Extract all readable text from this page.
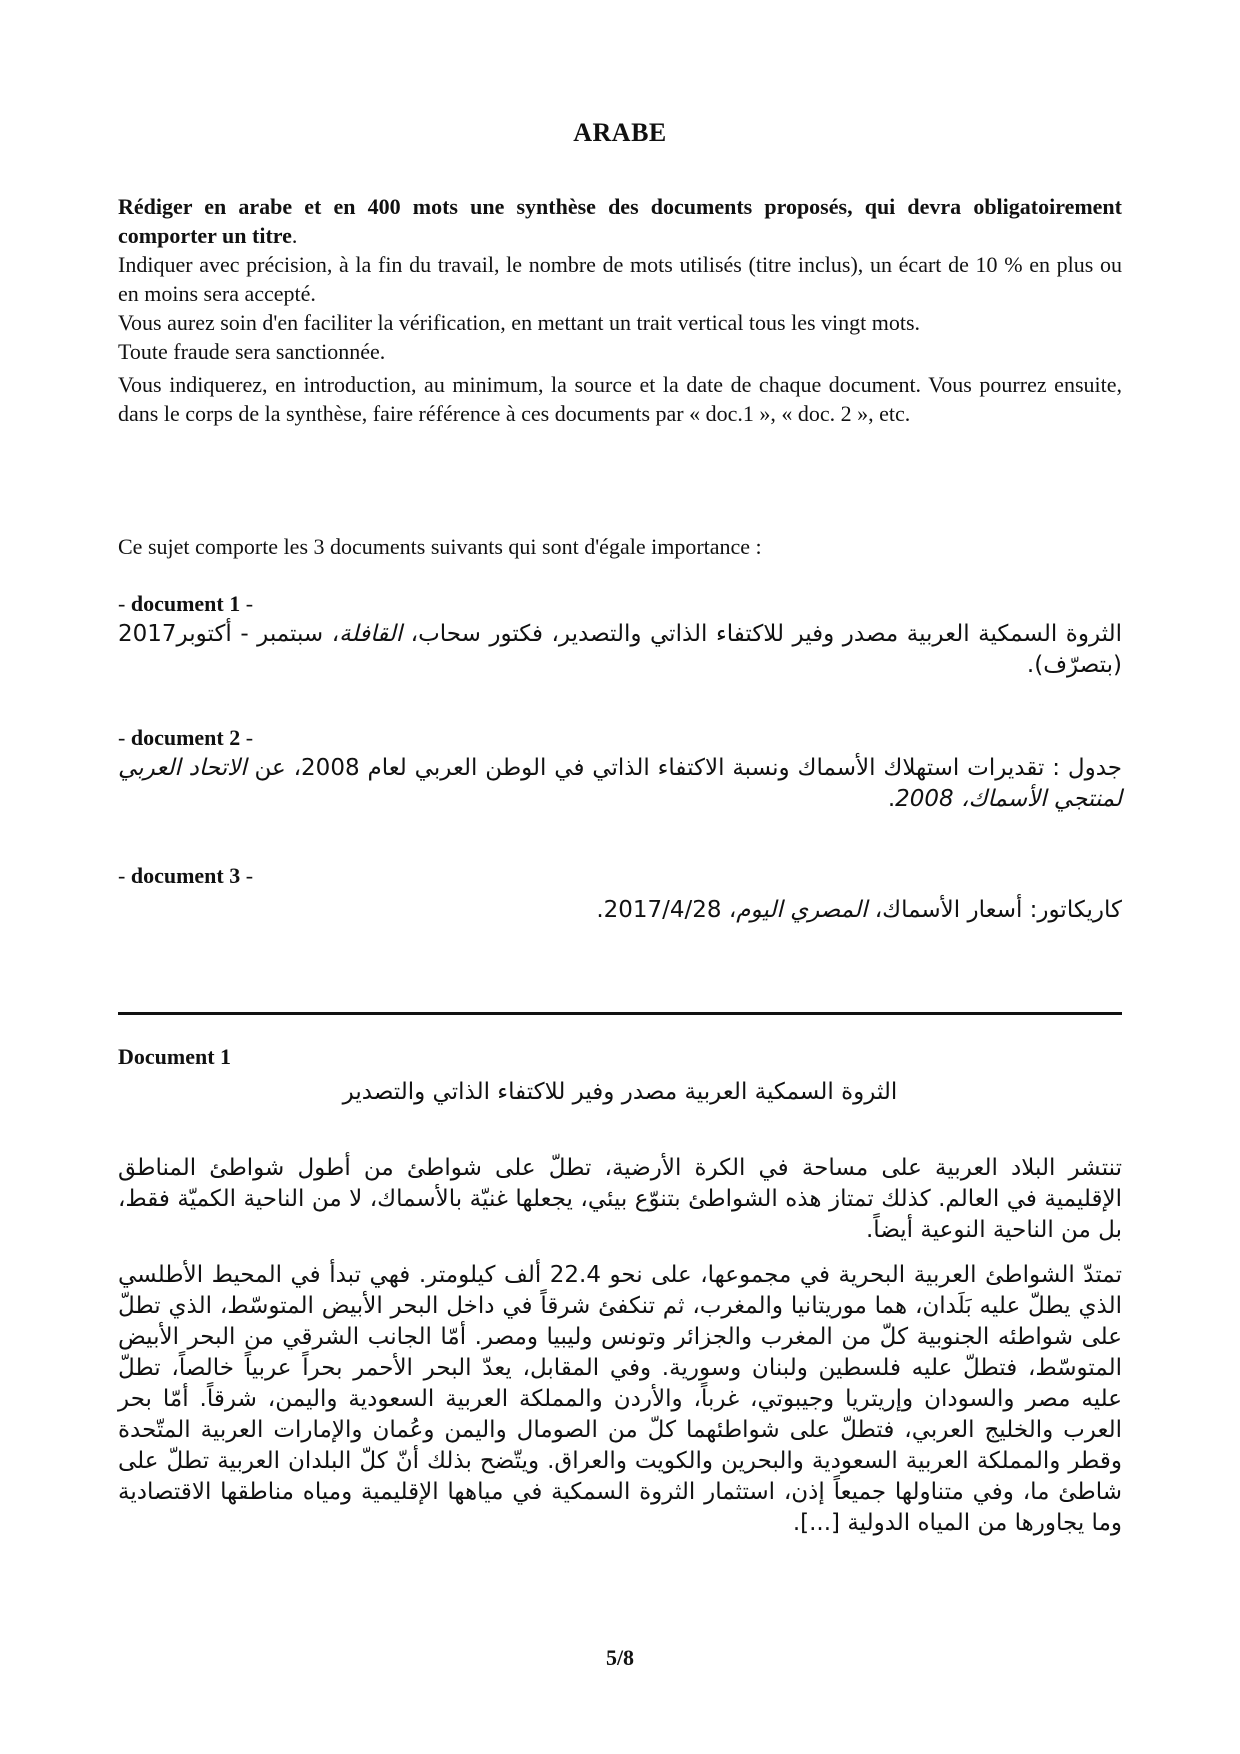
ARABE

Rédiger en arabe et en 400 mots une synthèse des documents proposés, qui devra obligatoirement comporter un titre.

Indiquer avec précision, à la fin du travail, le nombre de mots utilisés (titre inclus), un écart de 10 % en plus ou en moins sera accepté.

Vous aurez soin d'en faciliter la vérification, en mettant un trait vertical tous les vingt mots.

Toute fraude sera sanctionnée.

Vous indiquerez, en introduction, au minimum, la source et la date de chaque document. Vous pourrez ensuite, dans le corps de la synthèse, faire référence à ces documents par « doc.1 », « doc. 2 », etc.
Ce sujet comporte les 3 documents suivants qui sont d'égale importance :
- document 1 -
الثروة السمكية العربية مصدر وفير للاكتفاء الذاتي والتصدير، فكتور سحاب، القافلة، سبتمبر - أكتوبر2017 (بتصرّف).
- document 2 -
جدول : تقديرات استهلاك الأسماك ونسبة الاكتفاء الذاتي في الوطن العربي لعام 2008، عن الاتحاد العربي لمنتجي الأسماك، 2008.
- document 3 -
كاريكاتور: أسعار الأسماك، المصري اليوم، 2017/4/28.
Document 1
الثروة السمكية العربية مصدر وفير للاكتفاء الذاتي والتصدير
تنتشر البلاد العربية على مساحة في الكرة الأرضية، تطلّ على شواطئ من أطول شواطئ المناطق الإقليمية في العالم. كذلك تمتاز هذه الشواطئ بتنوّع بيئي، يجعلها غنيّة بالأسماك، لا من الناحية الكميّة فقط، بل من الناحية النوعية أيضاً.
تمتدّ الشواطئ العربية البحرية في مجموعها، على نحو 22.4 ألف كيلومتر. فهي تبدأ في المحيط الأطلسي الذي يطلّ عليه بَلَدان، هما موريتانيا والمغرب، ثم تنكفئ شرقاً في داخل البحر الأبيض المتوسّط، الذي تطلّ على شواطئه الجنوبية كلّ من المغرب والجزائر وتونس وليبيا ومصر. أمّا الجانب الشرقي من البحر الأبيض المتوسّط، فتطلّ عليه فلسطين ولبنان وسورية. وفي المقابل، يعدّ البحر الأحمر بحراً عربياً خالصاً، تطلّ عليه مصر والسودان وإريتريا وجيبوتي، غرباً، والأردن والمملكة العربية السعودية واليمن، شرقاً. أمّا بحر العرب والخليج العربي، فتطلّ على شواطئهما كلّ من الصومال واليمن وعُمان والإمارات العربية المتّحدة وقطر والمملكة العربية السعودية والبحرين والكويت والعراق. ويتّضح بذلك أنّ كلّ البلدان العربية تطلّ على شاطئ ما، وفي متناولها جميعاً إذن، استثمار الثروة السمكية في مياهها الإقليمية ومياه مناطقها الاقتصادية وما يجاورها من المياه الدولية [...].
5/8
